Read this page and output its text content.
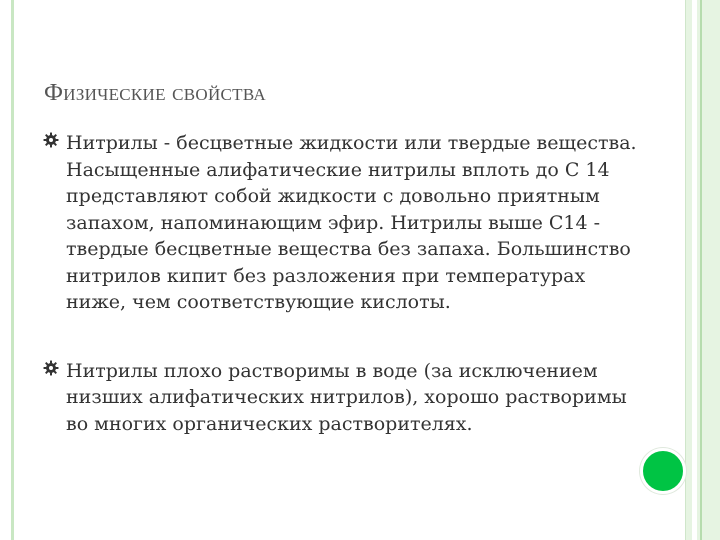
Физические свойства
Нитрилы - бесцветные жидкости или твердые вещества. Насыщенные алифатические нитрилы вплоть до С 14 представляют собой жидкости с довольно приятным запахом, напоминающим эфир. Нитрилы выше С14 - твердые бесцветные вещества без запаха. Большинство нитрилов кипит без разложения при температурах ниже, чем соответствующие кислоты.
Нитрилы плохо растворимы в воде (за исключением низших алифатических нитрилов), хорошо растворимы во многих органических растворителях.
